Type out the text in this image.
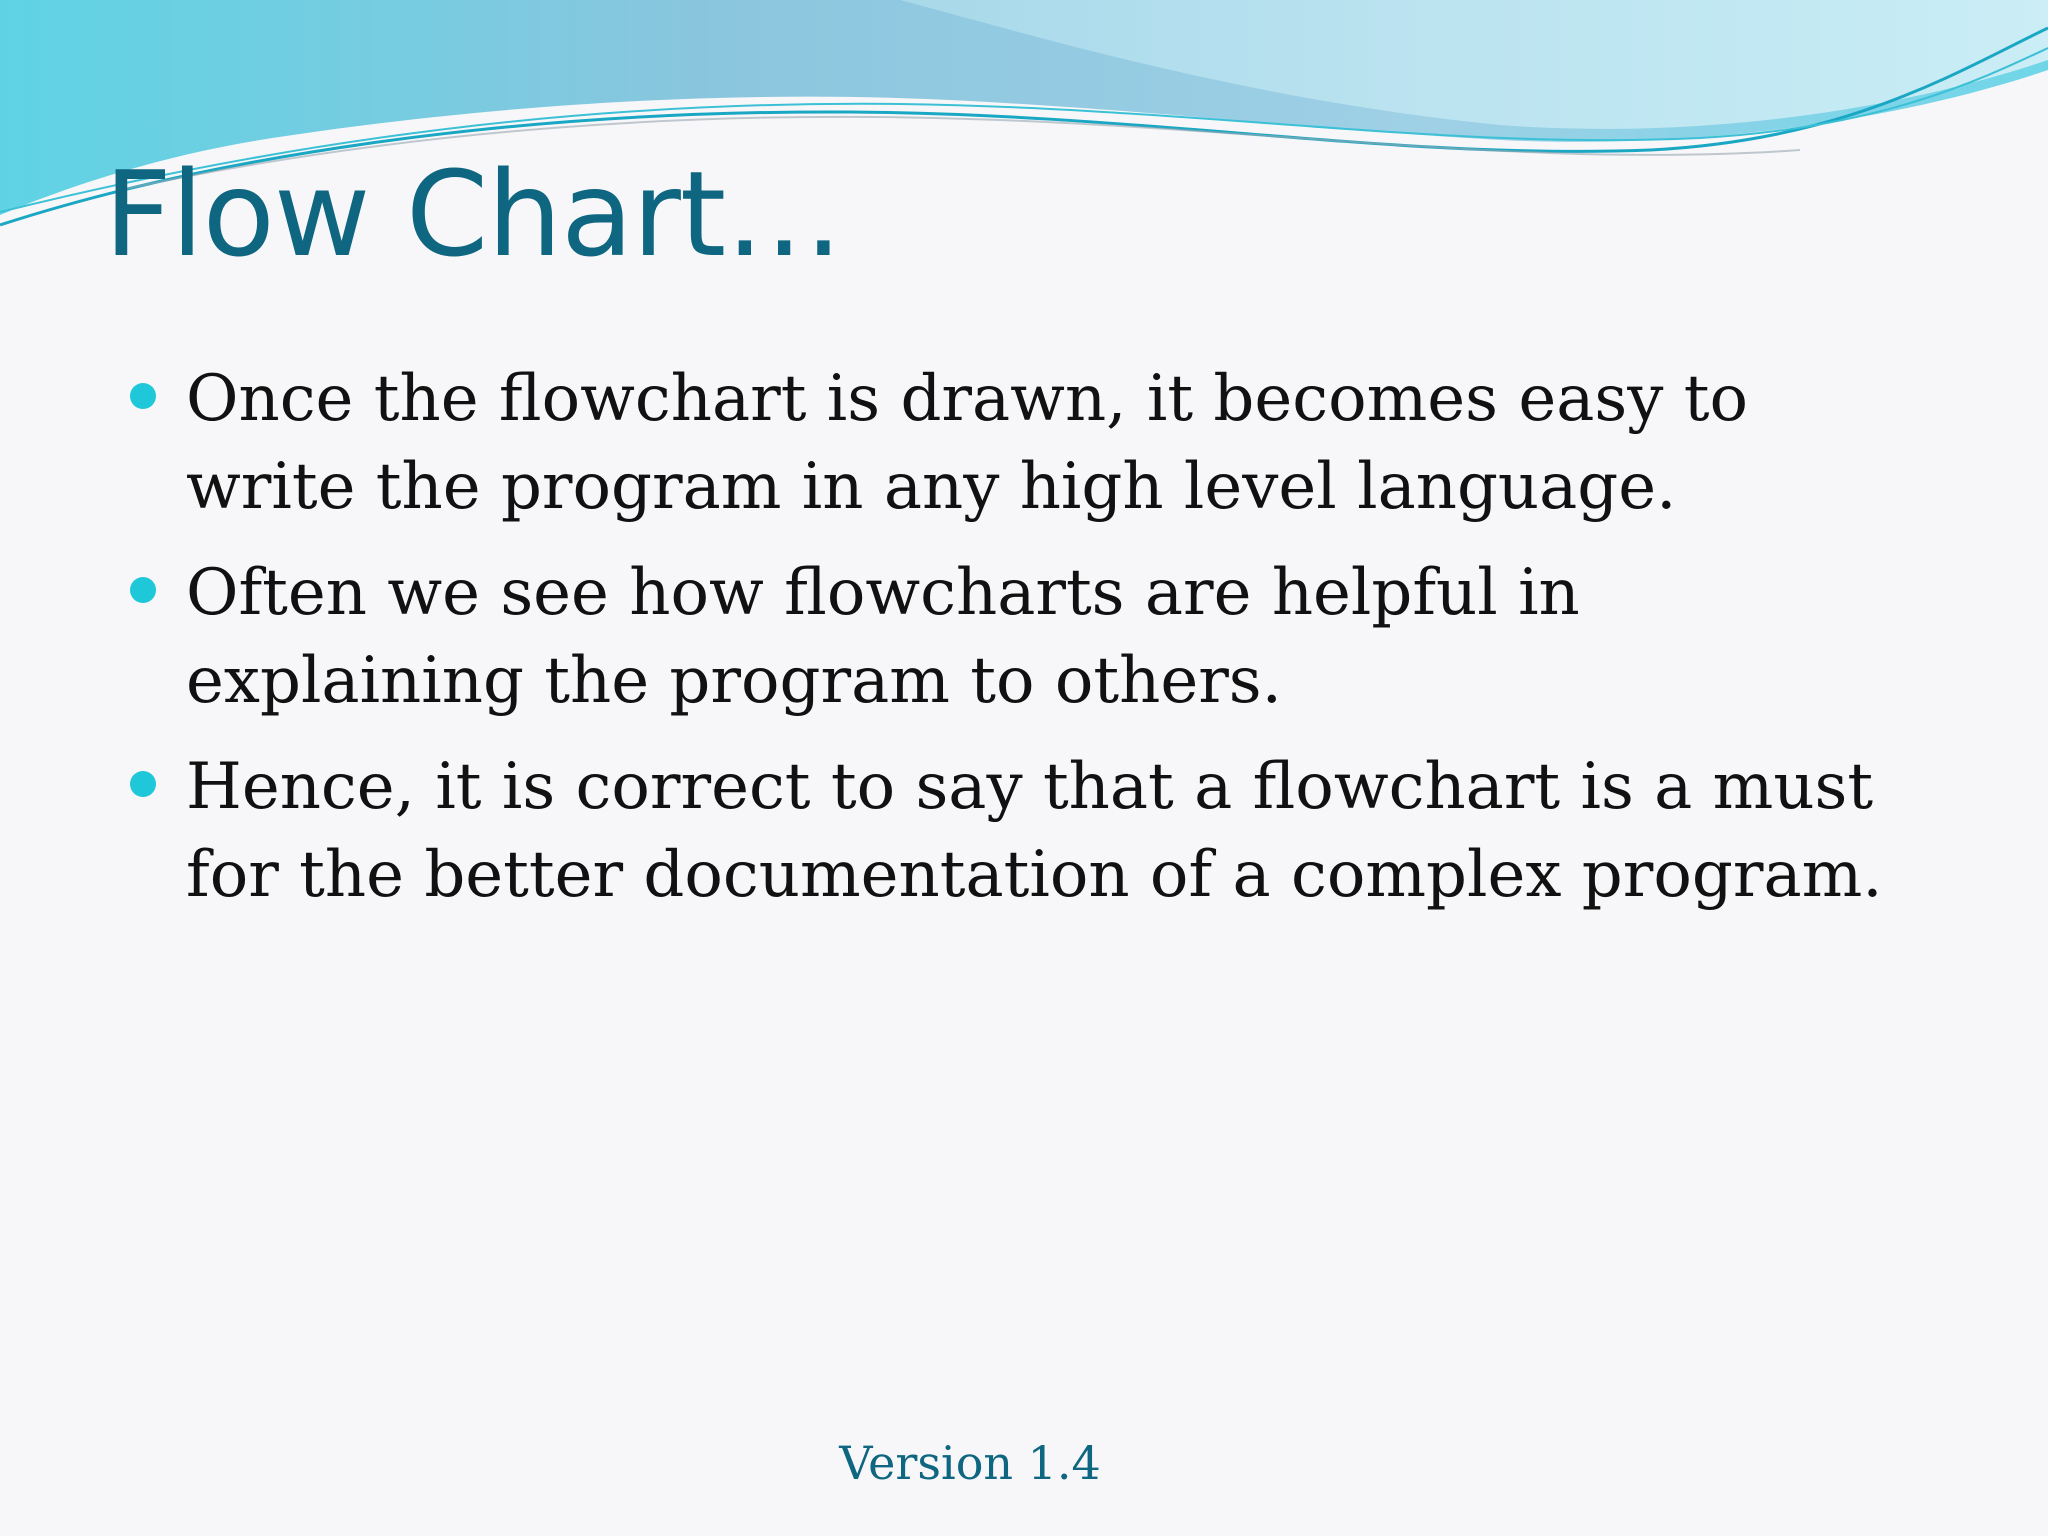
Flow Chart…
Once the flowchart is drawn, it becomes easy to write the program in any high level language.
Often we see how flowcharts are helpful in explaining the program to others.
Hence, it is correct to say that a flowchart is a must for the better documentation of a complex program.
Version 1.4
